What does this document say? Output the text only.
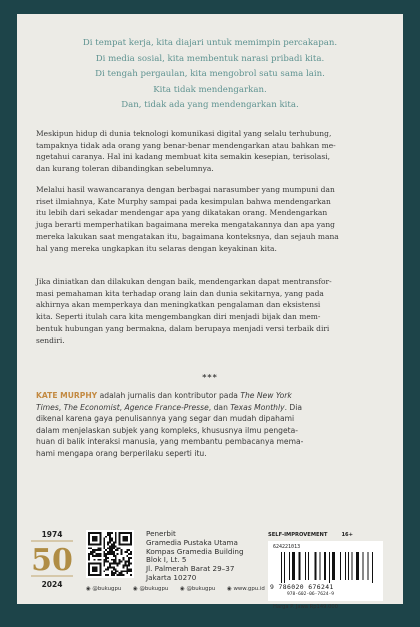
Di tempat kerja, kita diajari untuk memimpin percakapan.
Di media sosial, kita membentuk narasi pribadi kita.
Di tengah pergaulan, kita mengobrol satu sama lain.
Kita tidak mendengarkan.
Dan, tidak ada yang mendengarkan kita.
Meskipun hidup di dunia teknologi komunikasi digital yang selalu terhubung,
tampaknya tidak ada orang yang benar-benar mendengarkan atau bahkan me-
ngetahui caranya. Hal ini kadang membuat kita semakin kesepian, terisolasi,
dan kurang toleran dibandingkan sebelumnya.
Melalui hasil wawancaranya dengan berbagai narasumber yang mumpuni dan
riset ilmiahnya, Kate Murphy sampai pada kesimpulan bahwa mendengarkan
itu lebih dari sekadar mendengar apa yang dikatakan orang. Mendengarkan
juga berarti memperhatikan bagaimana mereka mengatakannya dan apa yang
mereka lakukan saat mengatakan itu, bagaimana konteksnya, dan sejauh mana
hal yang mereka ungkapkan itu selaras dengan keyakinan kita.
Jika diniatkan dan dilakukan dengan baik, mendengarkan dapat mentransfor-
masi pemahaman kita terhadap orang lain dan dunia sekitarnya, yang pada
akhirnya akan memperkaya dan meningkatkan pengalaman dan eksistensi
kita. Seperti itulah cara kita mengembangkan diri menjadi bijak dan mem-
bentuk hubungan yang bermakna, dalam berupaya menjadi versi terbaik diri
sendiri.
***
KATE MURPHY adalah jurnalis dan kontributor pada The New York
Times, The Economist, Agence France-Presse, dan Texas Monthly. Dia
dikenal karena gaya penulisannya yang segar dan mudah dipahami
dalam menjelaskan subjek yang kompleks, khususnya ilmu pengeta-
huan di balik interaksi manusia, yang membantu pembacanya mema-
hami mengapa orang berperilaku seperti itu.
1974
50
2024
Penerbit
Gramedia Pustaka Utama
Kompas Gramedia Building
Blok I, Lt. 5
Jl. Palmerah Barat 29–37
Jakarta 10270
◉ @bukugpu ◉ @bukugpu ◉ @bukugpu ◉ www.gpu.id
SELF-IMPROVEMENT	16+
624221013
9 786020 676241
978-602-06-7624-9
Harga P. Jawa Rp149.000
